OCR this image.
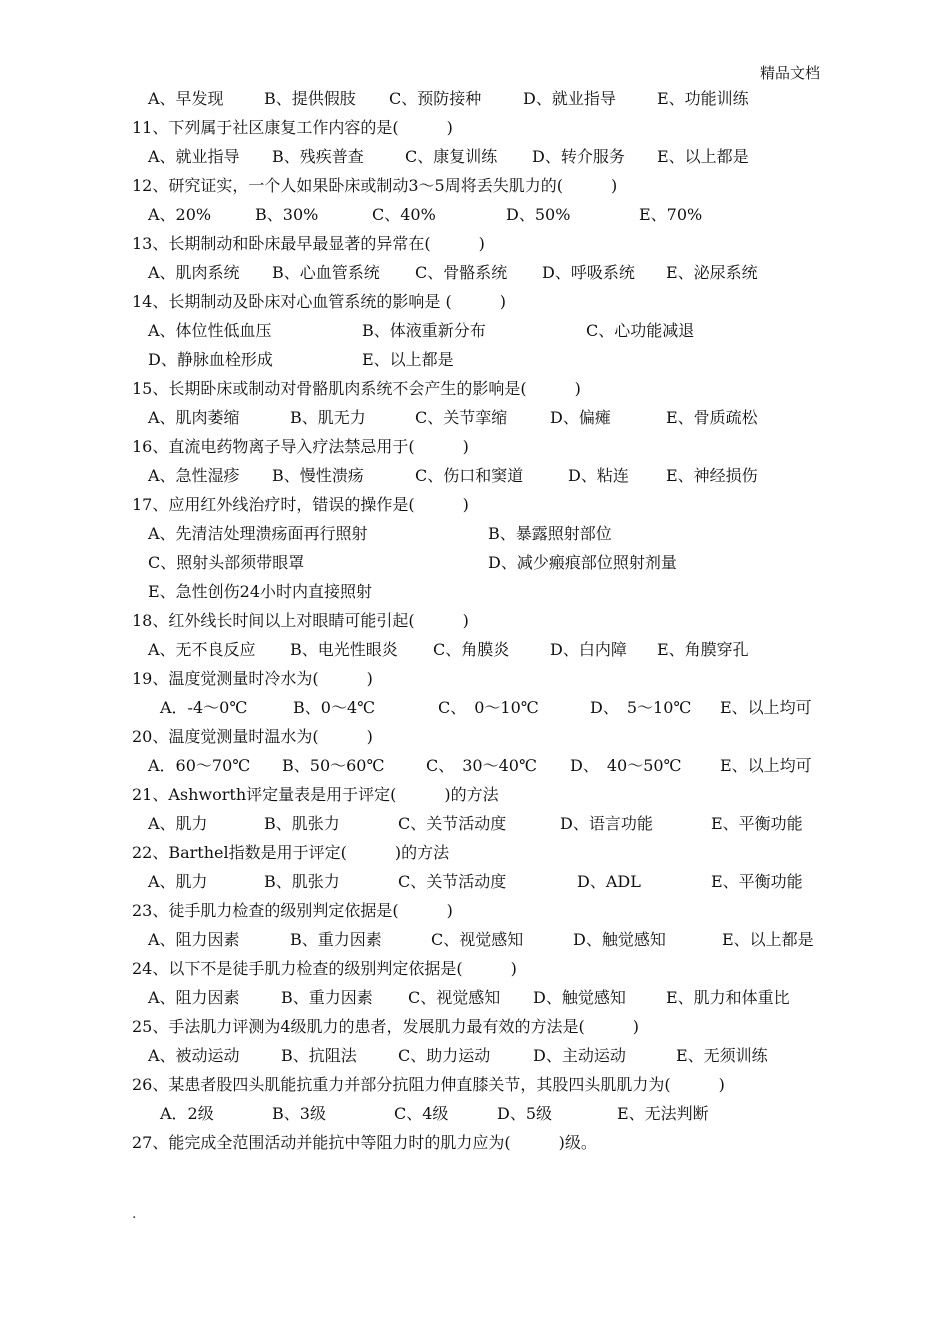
精品文档
A、早发现	B、提供假肢 C、预防接种	D、就业指导	E、功能训练
11、下列属于社区康复工作内容的是(　　　)
A、就业指导 B、残疾普查	C、康复训练 D、转介服务 E、以上都是
12、研究证实，一个人如果卧床或制动3～5周将丢失肌力的(　　　)
A、20%	B、30%	C、40%	D、50%	E、70%
13、长期制动和卧床最早最显著的异常在(　　　)
A、肌肉系统 B、心血管系统 C、骨骼系统 D、呼吸系统 E、泌尿系统
14、长期制动及卧床对心血管系统的影响是 (　　　)
A、体位性低血压	B、体液重新分布	C、心功能减退
D、静脉血栓形成	E、以上都是
15、长期卧床或制动对骨骼肌肉系统不会产生的影响是(　　　)
A、肌肉萎缩	B、肌无力	C、关节挛缩	D、偏瘫	E、骨质疏松
16、直流电药物离子导入疗法禁忌用于(　　　)
A、急性湿疹 B、慢性溃疡	C、伤口和窦道	D、粘连 E、神经损伤
17、应用红外线治疗时，错误的操作是(　　　)
A、先清洁处理溃疡面再行照射	B、暴露照射部位
C、照射头部须带眼罩	D、减少瘢痕部位照射剂量
E、急性创伤24小时内直接照射
18、红外线长时间以上对眼睛可能引起(　　　)
A、无不良反应 B、电光性眼炎 C、角膜炎	D、白内障 E、角膜穿孔
19、温度觉测量时冷水为(　　　)
A．-4～0℃	B、0～4℃	C、　0～10℃	D、　5～10℃ E、以上均可
20、温度觉测量时温水为(　　　)
A．60～70℃ B、50～60℃	C、　30～40℃ D、　40～50℃ E、以上均可
21、Ashworth评定量表是用于评定(　　　)的方法
A、肌力	B、肌张力	C、关节活动度	D、语言功能	E、平衡功能
22、Barthel指数是用于评定(　　　)的方法
A、肌力	B、肌张力	C、关节活动度	D、ADL	E、平衡功能
23、徒手肌力检查的级别判定依据是(　　　)
A、阻力因素	B、重力因素	C、视觉感知	D、触觉感知	E、以上都是
24、以下不是徒手肌力检查的级别判定依据是(　　　)
A、阻力因素	B、重力因素 C、视觉感知 D、触觉感知	E、肌力和体重比
25、手法肌力评测为4级肌力的患者，发展肌力最有效的方法是(　　　)
A、被动运动	B、抗阻法	C、助力运动	D、主动运动	E、无须训练
26、某患者股四头肌能抗重力并部分抗阻力伸直膝关节，其股四头肌肌力为(　　　)
A．2级	B、3级	C、4级	D、5级	E、无法判断
27、能完成全范围活动并能抗中等阻力时的肌力应为(　　　)级。
.
